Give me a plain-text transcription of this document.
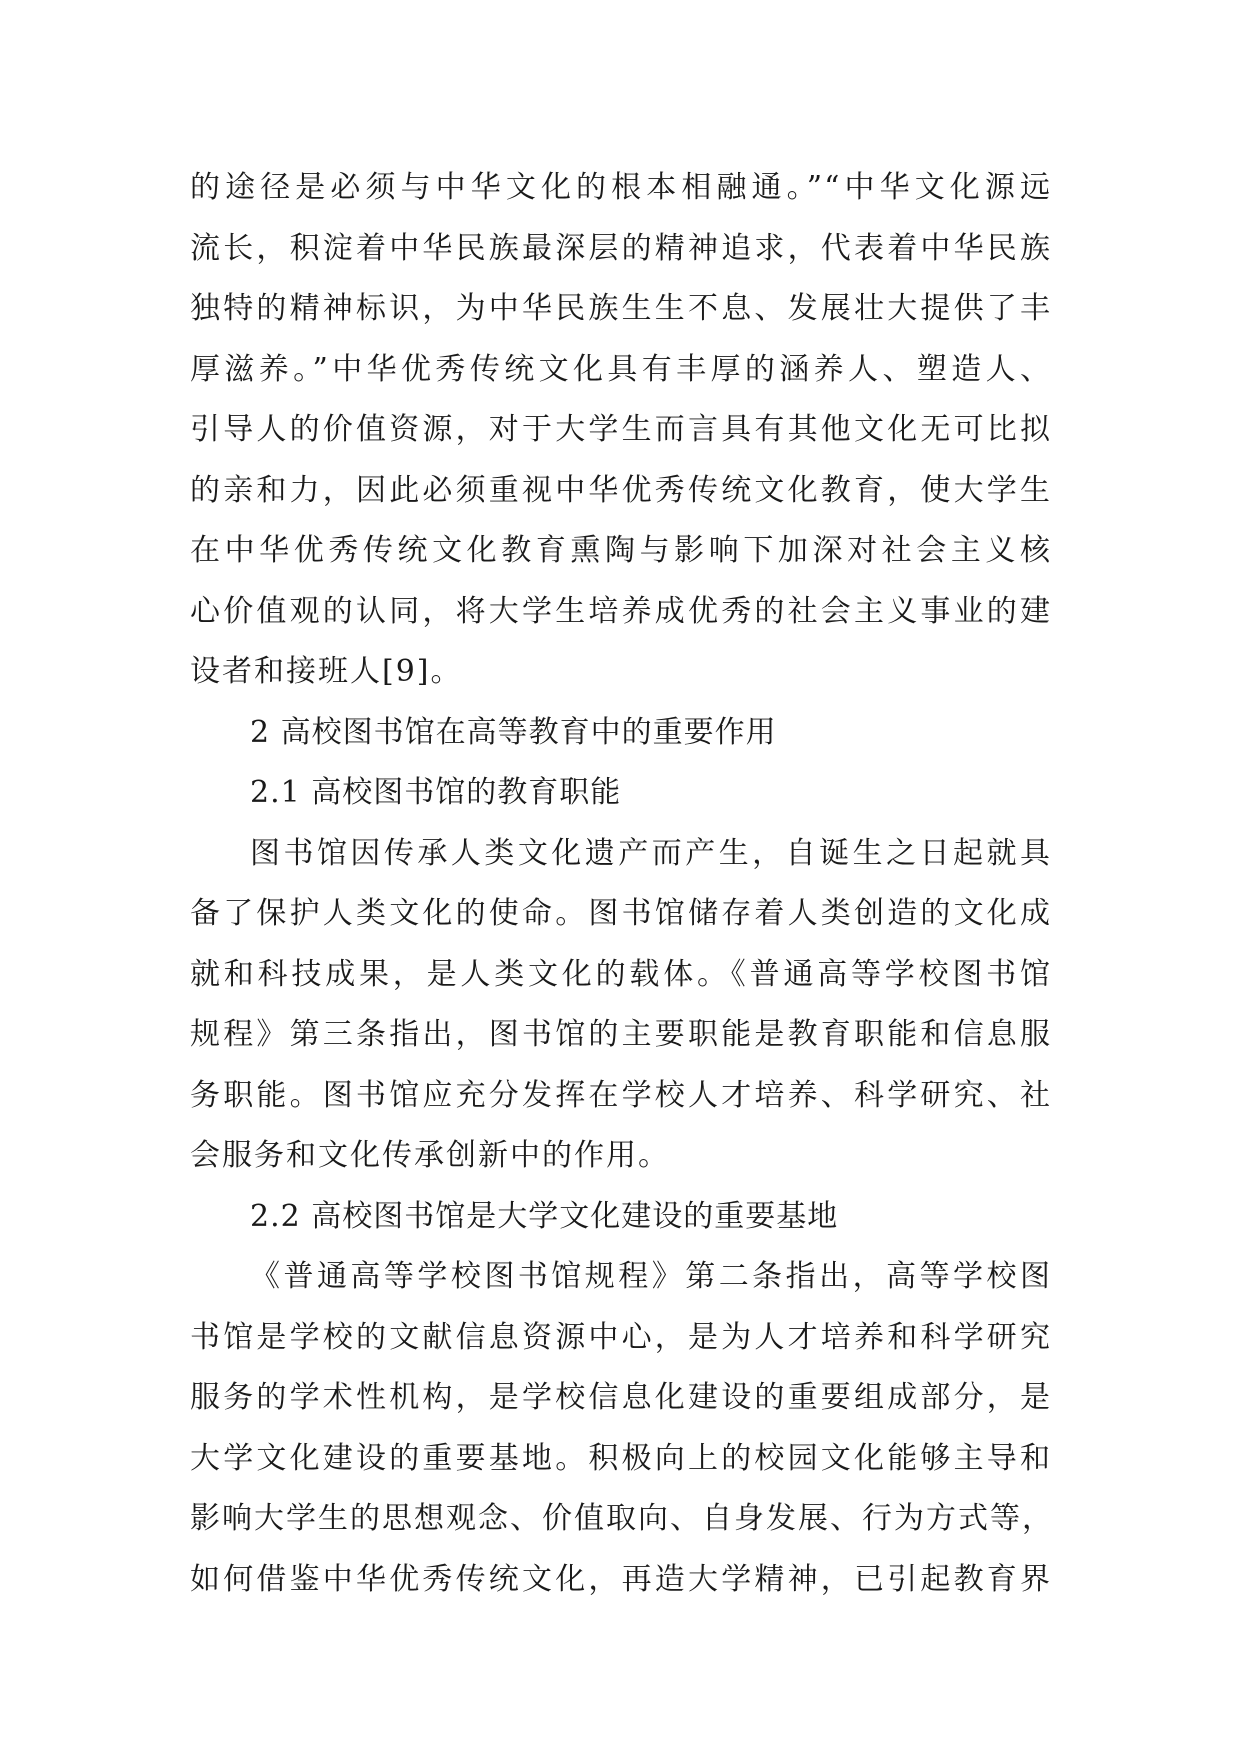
的途径是必须与中华文化的根本相融通。”“中华文化源远
流长，积淀着中华民族最深层的精神追求，代表着中华民族
独特的精神标识，为中华民族生生不息、发展壮大提供了丰
厚滋养。”中华优秀传统文化具有丰厚的涵养人、塑造人、
引导人的价值资源，对于大学生而言具有其他文化无可比拟
的亲和力，因此必须重视中华优秀传统文化教育，使大学生
在中华优秀传统文化教育熏陶与影响下加深对社会主义核
心价值观的认同，将大学生培养成优秀的社会主义事业的建
设者和接班人[9]。
2 高校图书馆在高等教育中的重要作用
2.1 高校图书馆的教育职能
图书馆因传承人类文化遗产而产生，自诞生之日起就具
备了保护人类文化的使命。图书馆储存着人类创造的文化成
就和科技成果，是人类文化的载体。《普通高等学校图书馆
规程》第三条指出，图书馆的主要职能是教育职能和信息服
务职能。图书馆应充分发挥在学校人才培养、科学研究、社
会服务和文化传承创新中的作用。
2.2 高校图书馆是大学文化建设的重要基地
《普通高等学校图书馆规程》第二条指出，高等学校图
书馆是学校的文献信息资源中心，是为人才培养和科学研究
服务的学术性机构，是学校信息化建设的重要组成部分，是
大学文化建设的重要基地。积极向上的校园文化能够主导和
影响大学生的思想观念、价值取向、自身发展、行为方式等，
如何借鉴中华优秀传统文化，再造大学精神，已引起教育界
